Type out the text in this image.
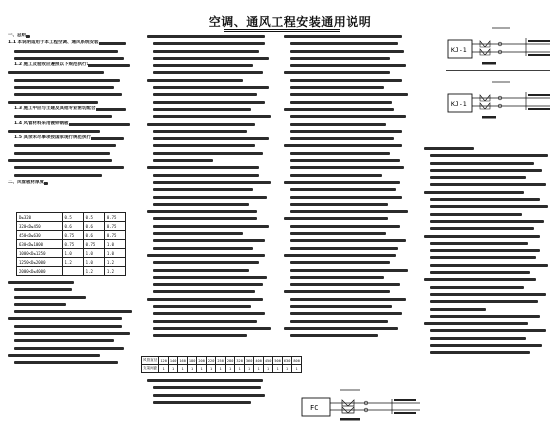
空调、通风工程安装通用说明
一、总则
1.1 本说明适用于本工程空调、通风系统安装
1.2 施工及验收应遵照以下规范执行:
1.3 施工中应与土建及其他专业密切配合
1.4 风管材料采用镀锌钢板
1.5 其余未尽事项按国家现行规范执行
二、风管板材厚度
D≤320	0.5	0.5	0.75
320<D≤450	0.6	0.6	0.75
450<D≤630	0.75	0.6	0.75
630<D≤1000	0.75	0.75	1.0
1000<D≤1250	1.0	1.0	1.0
1250<D≤2000	1.2	1.0	1.2
2000<D≤4000		1.2	1.2
风管直径	120	140	160	180	200	220	250	280	320	360	400	450	500	630	800
支架间距	1	1	1	1	1	1	1	1	1	1	1	1	1	1	1
FC
KJ-1
KJ-1
